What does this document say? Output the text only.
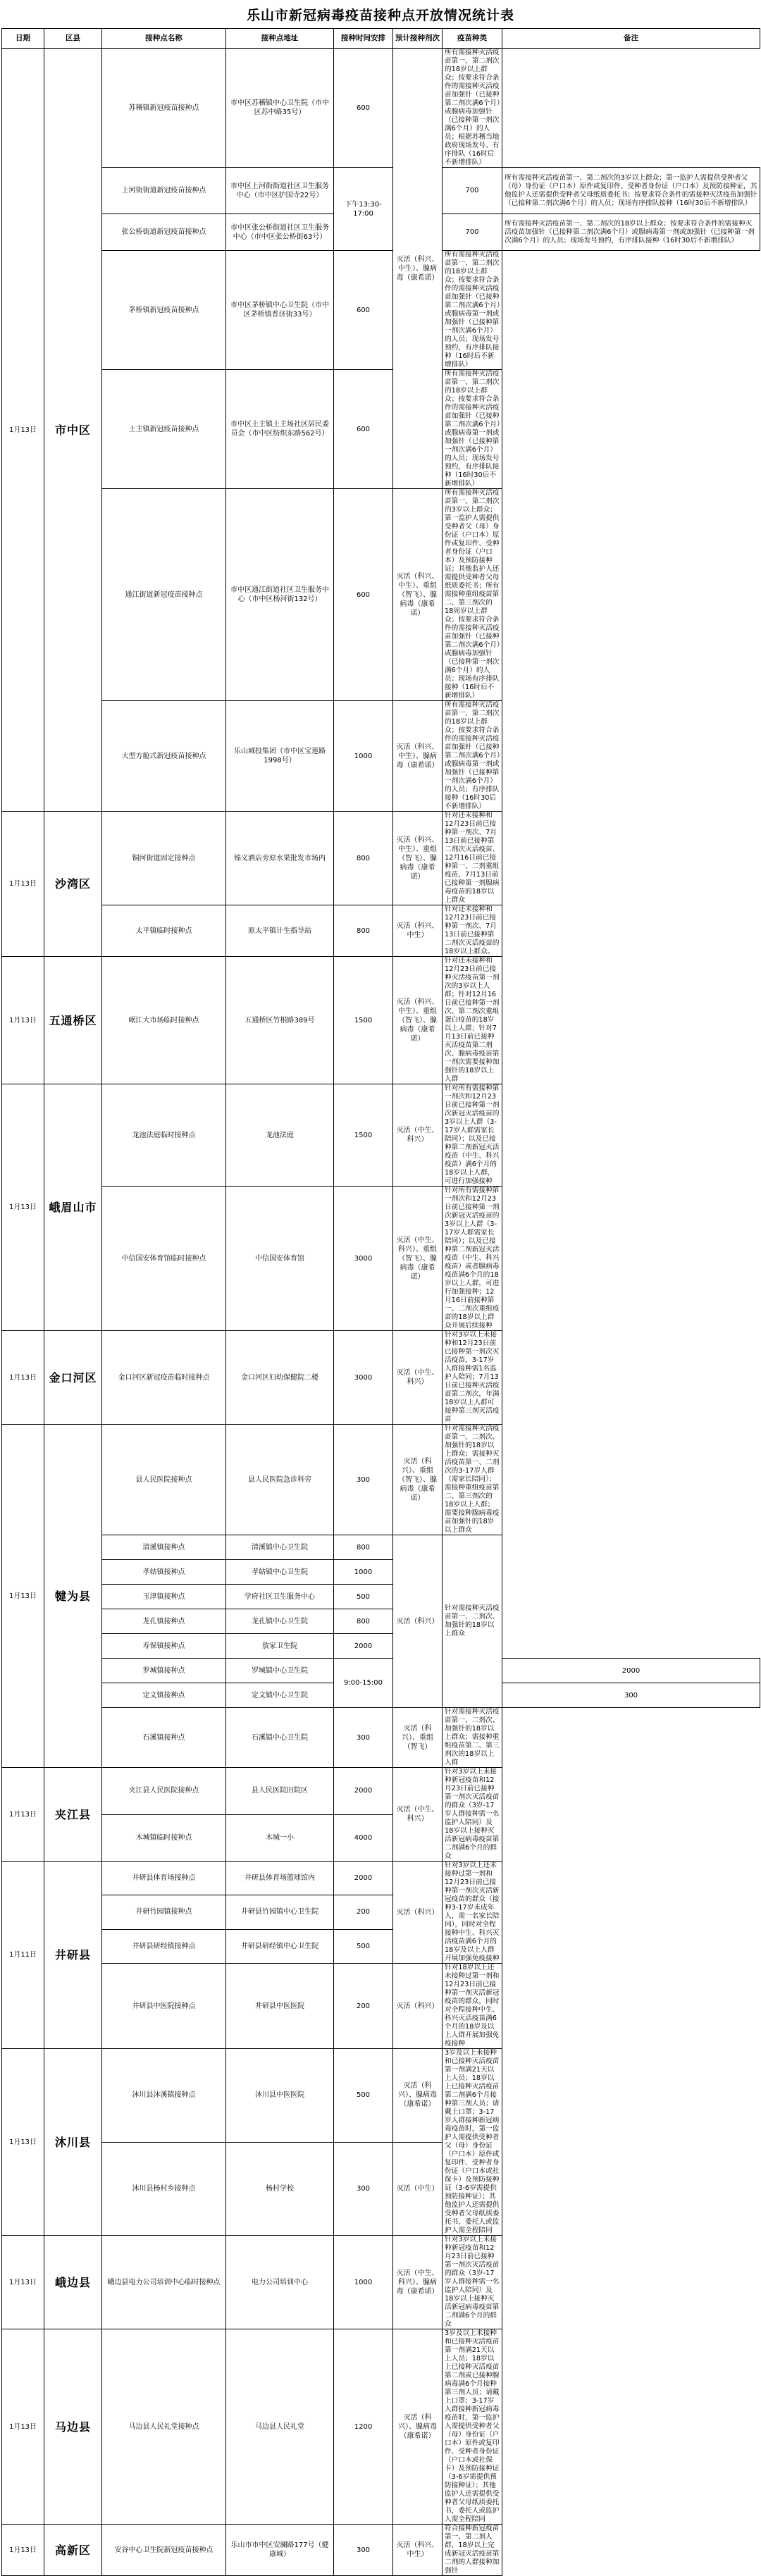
乐山市新冠病毒疫苗接种点开放情况统计表
日期	区县	接种点名称	接种点地址	接种时间安排	预计接种剂次	疫苗种类	备注
1月13日	市中区	苏稽镇新冠疫苗接种点	市中区苏稽镇中心卫生院（市中区苏中路35号）	600	灭活（科兴、中生）、腺病毒（康希诺）	所有需接种灭活疫苗第一、第二剂次的18岁以上群众；按要求符合条件的需接种灭活疫苗加强针（已接种第二剂次满6个月）或腺病毒加强针（已接种第一剂次满6个月）的人员；根据苏稽当地政府现场发号、有序排队（16时后不新增排队）	
		上河街街道新冠疫苗接种点	市中区上河街街道社区卫生服务中心（市中区护国寺22号）	下午13:30-17:00		700	所有需接种灭活疫苗第一、第二剂次的3岁以上群众；第一监护人需提供受种者父（母）身份证（户口本）原件或复印件、受种者身份证（户口本）及预防接种证，其他监护人还需提供受种者父母纸质委托书；按要求符合条件的需接种灭活疫苗加强针（已接种第二剂次满6个月）的人员；现场有序排队接种（16时30后不新增排队）
		张公桥街道新冠疫苗接种点	市中区张公桥街道社区卫生服务中心（市中区张公桥街63号）			700	所有需接种灭活疫苗第一、第二剂次的18岁以上群众；按要求符合条件的需接种灭活疫苗加强针（已接种第二剂次满6个月）或腺病毒第一剂或加强针（已接种第一剂次满6个月）的人员；现场发号预约，有序排队接种（16时30后不新增排队）
		茅桥镇新冠疫苗接种点	市中区茅桥镇中心卫生院（市中区茅桥镇普济街33号）	600		所有需接种灭活疫苗第一、第二剂次的18岁以上群众；按要求符合条件的需接种灭活疫苗加强针（已接种第二剂次满6个月）或腺病毒第一剂或加强针（已接种第一剂次满6个月）的人员；现场发号预约，有序排队接种（16时后不新增排队）	
		土主镇新冠疫苗接种点	市中区土主镇土主场社区居民委员会（市中区纺织东路562号）	600		所有需接种灭活疫苗第一、第二剂次的18岁以上群众；按要求符合条件的需接种灭活疫苗加强针（已接种第二剂次满6个月）或腺病毒第一剂或加强针（已接种第一剂次满6个月）的人员；现场发号预约，有序排队接种（16时30后不新增排队）	
		通江街道新冠疫苗接种点	市中区通江街道社区卫生服务中心（市中区杨河街132号）	600	灭活（科兴、中生）、重组（智飞）、腺病毒（康希诺）	所有需接种灭活疫苗第一、第二剂次的3岁以上群众；第一监护人需提供受种者父（母）身份证（户口本）原件或复印件、受种者身份证（户口本）及预防接种证；其他监护人还需提供受种者父母纸质委托书；所有需接种重组疫苗第二、第三剂次的18周岁以上群众；按要求符合条件的需接种灭活疫苗加强针（已接种第二剂次满6个月）或腺病毒加强针（已接种第一剂次满6个月）的人员；现场有序排队接种（16时后不新增排队）	
		大型方舱式新冠疫苗接种点	乐山城投集团（市中区宝莲路1998号）	1000	灭活（科兴、中生）、腺病毒（康希诺）	所有需接种灭活疫苗第一、第二剂次的18岁以上群众；按要求符合条件的需接种灭活疫苗加强针（已接种第二剂次满6个月）或腺病毒第一剂或加强针（已接种第一剂次满6个月）的人员；有序排队接种（16时30后不新增排队）	
1月13日	沙湾区	铜河街道固定接种点	锦义酒店旁原水果批发市场内	800	灭活（科兴、中生）、重组（智飞）、腺病毒（康希诺）	针对还未接种和12月23日前已接种第一剂次、7月13日前已接种第二剂次灭活疫苗、12月16日前已接种第一、二剂重组疫苗，7月13日前已接种第一剂腺病毒疫苗的18岁以上群众	
		太平镇临时接种点	原太平镇计生指导站	800	灭活（科兴、中生）	针对还未接种和12月23日前已接种第一剂次、7月13日前已接种第二剂次灭活疫苗的18岁以上群众。	
1月13日	五通桥区	岷江大市场临时接种点	五通桥区竹根路389号	1500	灭活（科兴、中生）、重组（智飞）、腺病毒（康希诺）	针对还未接种和12月23日前已接种灭活疫苗第一剂次的3岁以上人群；针对12月16日前已接种第一剂次、第二剂次重组蛋白疫苗的18岁以上人群；针对7月13日前已接种灭活疫苗第二剂次、腺病毒疫苗第一剂次需要接种加强针的18岁以上人群	
1月13日	峨眉山市	龙池法庭临时接种点	龙池法庭	1500	灭活（中生、科兴）	针对所有需接种第一剂次和12月23日前已接种第一剂次新冠灭活疫苗的3岁以上人群（3-17岁人群需家长陪同）；以及已接种第二剂新冠灭活疫苗（中生、科兴疫苗）满6个月的18岁以上人群，可进行加强接种	
		中信国安体育馆临时接种点	中信国安体育馆	3000	灭活（中生、科兴）、重组（智飞）、腺病毒（康希诺）	针对所有需接种第一剂次和12月23日前已接种第一剂次新冠灭活疫苗的3岁以上人群（3-17岁人群需家长陪同）；以及已接种第二剂新冠灭活疫苗（中生、科兴疫苗）或者腺病毒疫苗满6个月的18岁以上人群，可进行加强接种；12月16日前接种第一、二剂次重组疫苗的18岁以上群众开展后续接种	
1月13日	金口河区	金口河区新冠疫苗临时接种点	金口河区妇幼保健院二楼	3000	灭活（中生、科兴）	针对3岁以上未接种和12月23日前已接种第一剂次灭活疫苗，3-17岁人群接种需1名监护人陪同；7月13日前已接种灭活疫苗第二剂次，年满18岁以上人群可接种第三剂灭活疫苗	
1月13日	犍为县	县人民医院接种点	县人民医院急诊科旁	300	灭活（科兴）、重组（智飞）、腺病毒（康希诺）	针对需接种灭活疫苗第一、二剂次、加强针的18岁以上群众；需接种灭活疫苗第一、二剂次的3-17岁人群（需家长陪同）；需接种重组疫苗第二、第三剂次的18岁以上人群；需要接种腺病毒疫苗加强针的18岁以上群众	
		清溪镇接种点	清溪镇中心卫生院	800	灭活（科兴）	针对需接种灭活疫苗第一、二剂次、加强针的18岁以上群众	
		孝姑镇接种点	孝姑镇中心卫生院	1000			
		玉津镇接种点	学府社区卫生服务中心	500			
		龙孔镇接种点	龙孔镇中心卫生院	800			
		寿保镇接种点	敖家卫生院	2000			
		罗城镇接种点	罗城镇中心卫生院	9:00-15:00			2000
		定文镇接种点	定文镇中心卫生院				300
		石溪镇接种点	石溪镇中心卫生院	300	灭活（科兴）、重组（智飞）	针对需接种灭活疫苗第一、二剂次、加强针的18岁以上群众；需接种重组疫苗第二、第三剂次的18岁以上人群	
1月13日	夹江县	夹江县人民医院接种点	县人民医院旧院区	2000	灭活（中生、科兴）	针对3岁以上未接种新冠疫苗和12月23日前已接种第一剂次灭活疫苗的群众（3岁-17岁人群接种需一名监护人陪同）及18岁以上接种灭活新冠病毒疫苗第二剂满6个月的群众	
		木城镇临时接种点	木城一小	4000			
1月11日	井研县	井研县体育场接种点	井研县体育场篮球馆内	2000	灭活（科兴）	针对3岁以上还未接种过第一剂和12月23日前已接种第一剂次灭活新冠疫苗的群众（接种3-17岁未成年人，需一名家长陪同），同时对全程接种中生、科兴灭活疫苗满6个月的18岁及以上人群开展加强免疫接种	
		井研竹园镇接种点	井研县竹园镇中心卫生院	200			
		井研县研经镇接种点	井研县研经镇中心卫生院	500			
		井研县中医院接种点	井研县中医医院	200	灭活（科兴）	针对18岁以上还未接种过第一剂和12月23日前已接种第一剂灭活新冠疫苗的群众，同时对全程接种中生、科兴灭活疫苗满6个月的18岁及以上人群开展加强免疫接种	
1月13日	沐川县	沐川县沐溪镇接种点	沐川县中医医院	500	灭活（科兴）、腺病毒（康希诺）	3岁及以上未接种和已接种灭活疫苗第一剂满21天以上人员；18岁以上已接种灭活疫苗第二剂满6个月接种第三剂人员；请戴上口罩；3-17岁人群接种新冠病毒疫苗时，第一监护人需提供受种者父（母）身份证（户口本）原件或复印件、受种者身份证（户口本或社保卡）及预防接种证（3-6岁需提供预防接种证）；其他监护人还需提供受种者父母纸质委托书，委托人或监护人需全程陪同	
		沐川县杨村乡接种点	杨村学校	300	灭活（中生）		
1月13日	峨边县	峨边县电力公司培训中心临时接种点	电力公司培训中心	1000	灭活（中生、科兴）、腺病毒（康希诺）	针对3岁以上未接种新冠疫苗和12月23日前已接种第一剂次灭活疫苗的群众（3岁-17岁人群接种需一名监护人陪同）及18岁以上接种灭活新冠病毒疫苗第二剂满6个月的群众	
1月13日	马边县	马边县人民礼堂接种点	马边县人民礼堂	1200	灭活（科兴）、腺病毒（康希诺）	3岁及以上未接种和已接种灭活疫苗第一剂满21天以上人员；18岁以上已接种灭活疫苗第二剂或已接种腺病毒满6个月接种第三剂人员；请戴上口罩；3-17岁人群接种新冠病毒疫苗时，第一监护人需提供受种者父（母）身份证（户口本）原件或复印件、受种者身份证（户口本或社保卡）及预防接种证（3-6岁需提供预防接种证）；其他监护人还需提供受种者父母纸质委托书，委托人或监护人需全程陪同	
1月13日	高新区	安谷中心卫生院新冠疫苗接种点	乐山市市中区安澜路177号（健康城）	300	灭活（科兴、中生）	符合接种新冠疫苗第一、第二剂人群，18岁以上完成新冠灭活疫苗第二剂的人群接种加强针	
